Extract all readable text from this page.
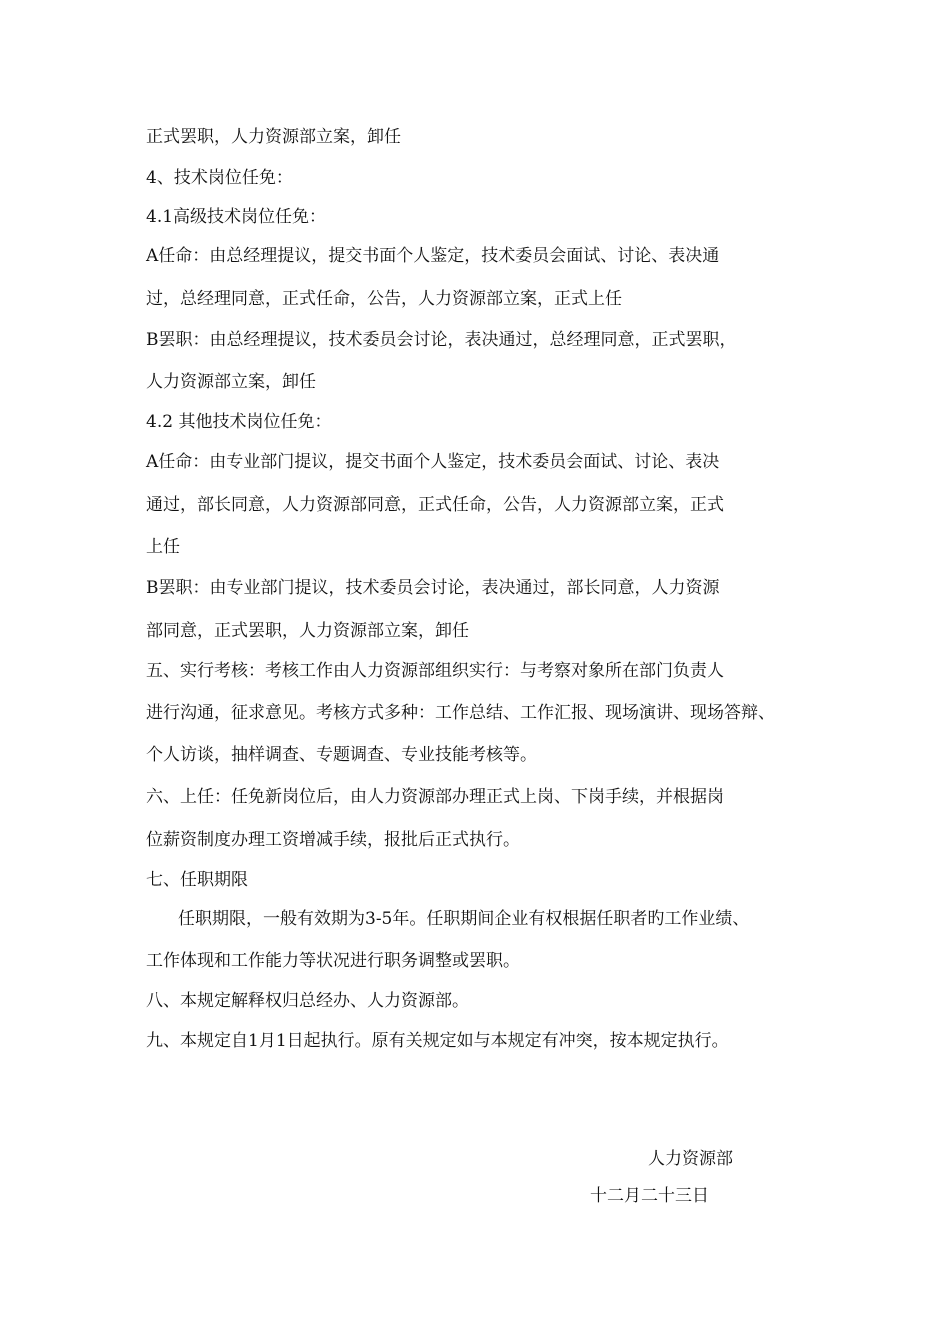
正式罢职，人力资源部立案，卸任
4、技术岗位任免：
4.1高级技术岗位任免：
A任命：由总经理提议，提交书面个人鉴定，技术委员会面试、讨论、表决通
过，总经理同意，正式任命，公告，人力资源部立案，正式上任
B罢职：由总经理提议，技术委员会讨论，表决通过，总经理同意，正式罢职，
人力资源部立案，卸任
4.2 其他技术岗位任免：
A任命：由专业部门提议，提交书面个人鉴定，技术委员会面试、讨论、表决
通过，部长同意，人力资源部同意，正式任命，公告，人力资源部立案，正式
上任
B罢职：由专业部门提议，技术委员会讨论，表决通过，部长同意，人力资源
部同意，正式罢职，人力资源部立案，卸任
五、实行考核：考核工作由人力资源部组织实行：与考察对象所在部门负责人
进行沟通，征求意见。考核方式多种：工作总结、工作汇报、现场演讲、现场答辩、
个人访谈，抽样调查、专题调查、专业技能考核等。
六、上任：任免新岗位后，由人力资源部办理正式上岗、下岗手续，并根据岗
位薪资制度办理工资增减手续，报批后正式执行。
七、任职期限
任职期限，一般有效期为3-5年。任职期间企业有权根据任职者旳工作业绩、
工作体现和工作能力等状况进行职务调整或罢职。
八、本规定解释权归总经办、人力资源部。
九、本规定自1月1日起执行。原有关规定如与本规定有冲突，按本规定执行。
人力资源部
十二月二十三日
